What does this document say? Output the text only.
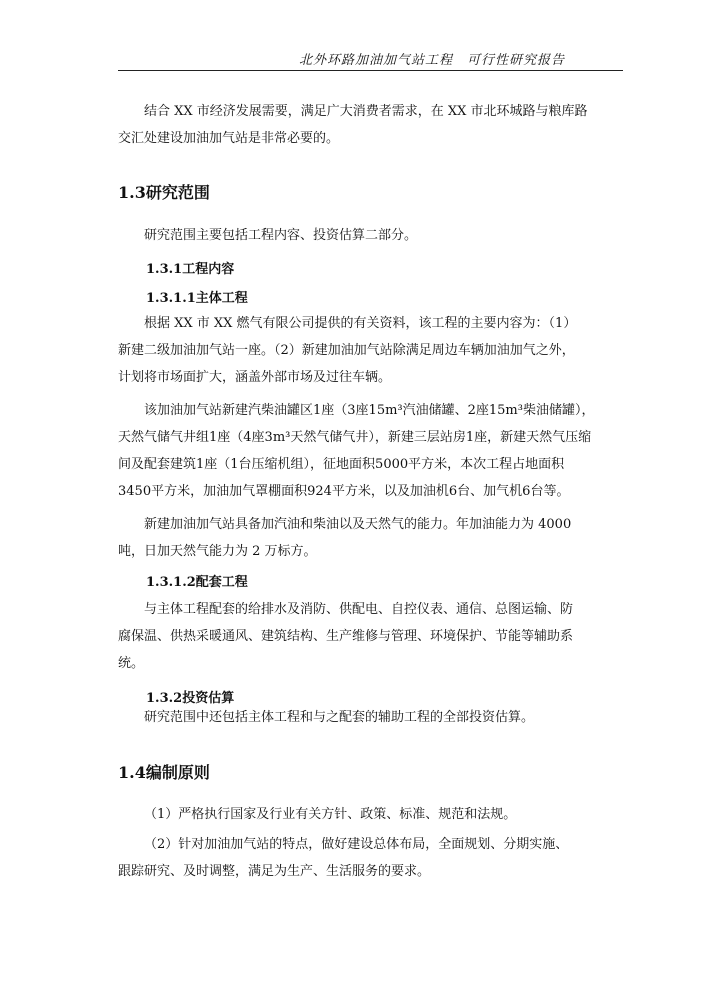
北外环路加油加气站工程　可行性研究报告

结合 XX 市经济发展需要，满足广大消费者需求，在 XX 市北环城路与粮库路

交汇处建设加油加气站是非常必要的。

1.3研究范围

研究范围主要包括工程内容、投资估算二部分。

1.3.1工程内容
1.3.1.1主体工程

根据 XX 市 XX 燃气有限公司提供的有关资料，该工程的主要内容为：（1）

新建二级加油加气站一座。（2）新建加油加气站除满足周边车辆加油加气之外，

计划将市场面扩大，涵盖外部市场及过往车辆。

该加油加气站新建汽柴油罐区1座（3座15m³汽油储罐、2座15m³柴油储罐），

天然气储气井组1座（4座3m³天然气储气井），新建三层站房1座，新建天然气压缩

间及配套建筑1座（1台压缩机组），征地面积5000平方米，本次工程占地面积

3450平方米，加油加气罩棚面积924平方米，以及加油机6台、加气机6台等。

新建加油加气站具备加汽油和柴油以及天然气的能力。年加油能力为 4000

吨，日加天然气能力为 2 万标方。

1.3.1.2配套工程

与主体工程配套的给排水及消防、供配电、自控仪表、通信、总图运输、防

腐保温、供热采暖通风、建筑结构、生产维修与管理、环境保护、节能等辅助系

统。

1.3.2投资估算

研究范围中还包括主体工程和与之配套的辅助工程的全部投资估算。

1.4编制原则

（1）严格执行国家及行业有关方针、政策、标准、规范和法规。

（2）针对加油加气站的特点，做好建设总体布局，全面规划、分期实施、

跟踪研究、及时调整，满足为生产、生活服务的要求。
